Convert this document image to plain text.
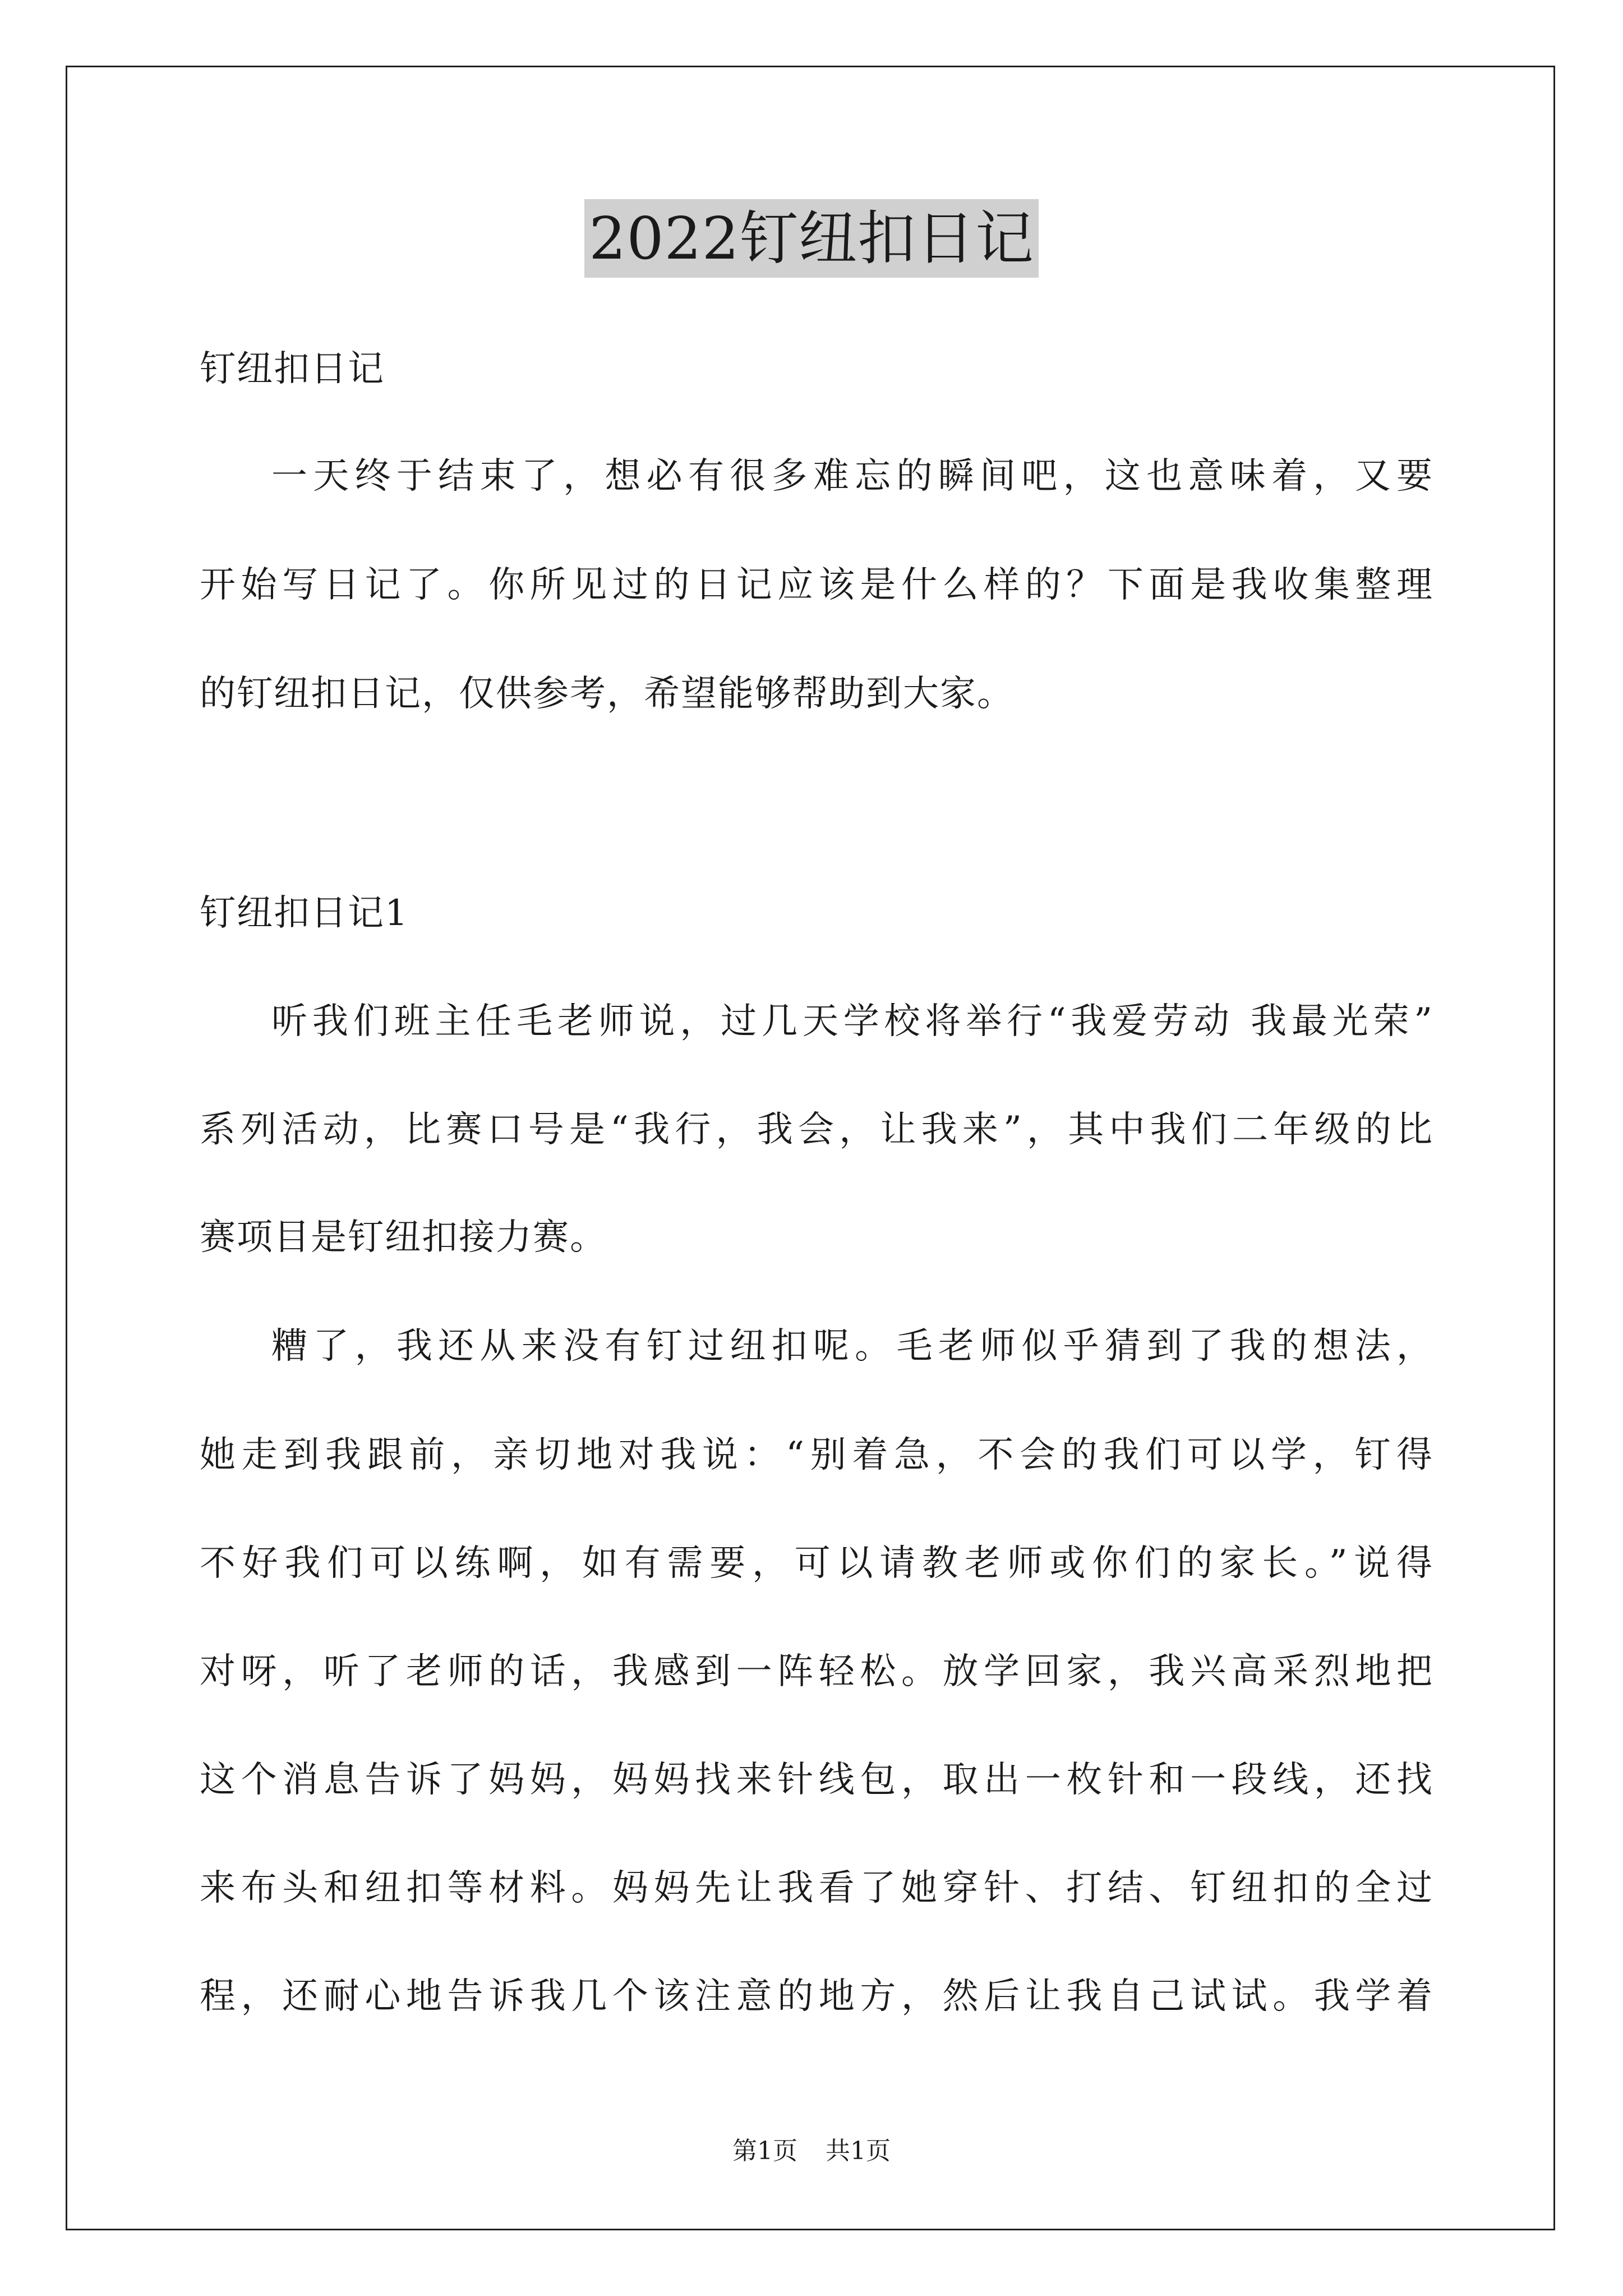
2022钉纽扣日记
钉纽扣日记
一天终于结束了，想必有很多难忘的瞬间吧，这也意味着，又要
开始写日记了。你所见过的日记应该是什么样的？下面是我收集整理
的钉纽扣日记，仅供参考，希望能够帮助到大家。
钉纽扣日记1
听我们班主任毛老师说，过几天学校将举行“我爱劳动 我最光荣”
系列活动，比赛口号是“我行，我会，让我来”，其中我们二年级的比
赛项目是钉纽扣接力赛。
糟了，我还从来没有钉过纽扣呢。毛老师似乎猜到了我的想法，
她走到我跟前，亲切地对我说：“别着急，不会的我们可以学，钉得
不好我们可以练啊，如有需要，可以请教老师或你们的家长。”说得
对呀，听了老师的话，我感到一阵轻松。放学回家，我兴高采烈地把
这个消息告诉了妈妈，妈妈找来针线包，取出一枚针和一段线，还找
来布头和纽扣等材料。妈妈先让我看了她穿针、打结、钉纽扣的全过
程，还耐心地告诉我几个该注意的地方，然后让我自己试试。我学着
第1页 共1页
